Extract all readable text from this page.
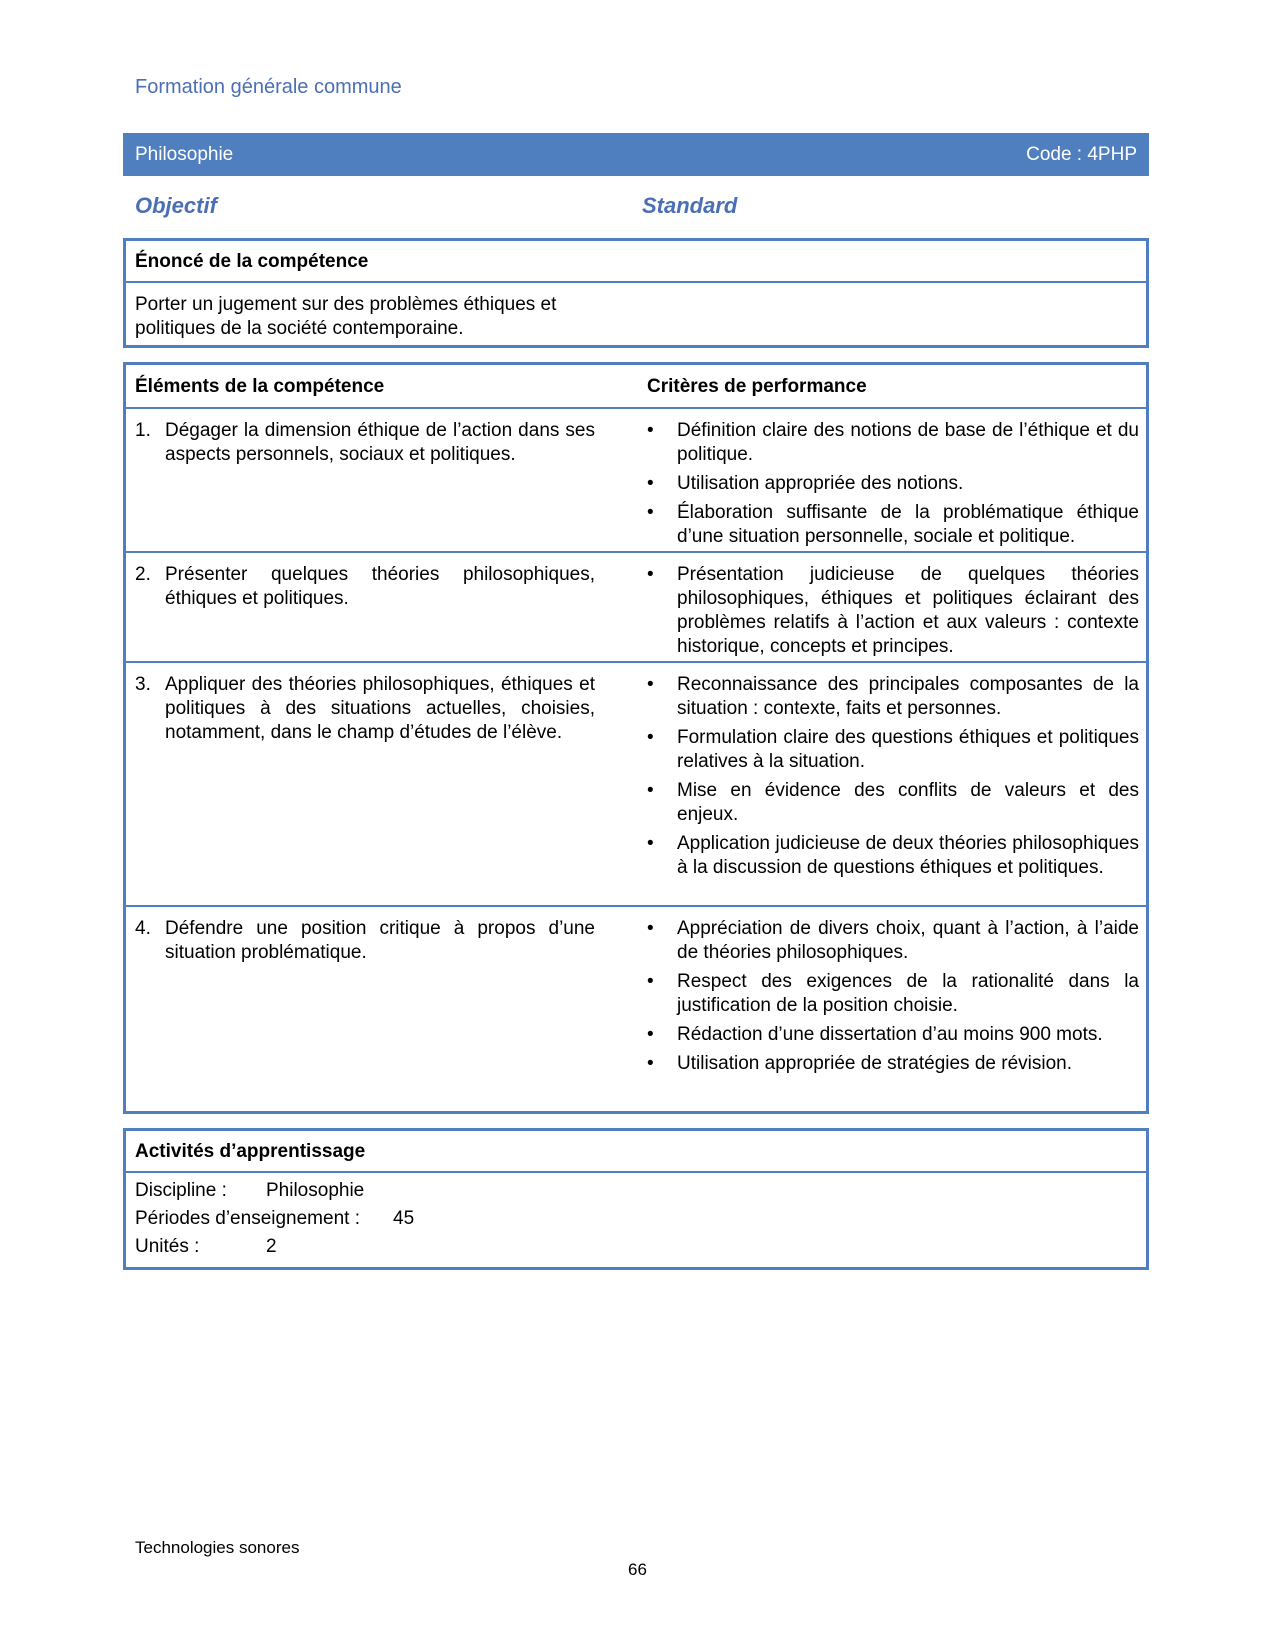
Formation générale commune
Philosophie	Code : 4PHP
Objectif	Standard
Énoncé de la compétence
Porter un jugement sur des problèmes éthiques et politiques de la société contemporaine.
Éléments de la compétence	Critères de performance
1. Dégager la dimension éthique de l’action dans ses aspects personnels, sociaux et politiques.
• Définition claire des notions de base de l’éthique et du politique.
• Utilisation appropriée des notions.
• Élaboration suffisante de la problématique éthique d’une situation personnelle, sociale et politique.
2. Présenter quelques théories philosophiques, éthiques et politiques.
• Présentation judicieuse de quelques théories philosophiques, éthiques et politiques éclairant des problèmes relatifs à l’action et aux valeurs : contexte historique, concepts et principes.
3. Appliquer des théories philosophiques, éthiques et politiques à des situations actuelles, choisies, notamment, dans le champ d’études de l’élève.
• Reconnaissance des principales composantes de la situation : contexte, faits et personnes.
• Formulation claire des questions éthiques et politiques relatives à la situation.
• Mise en évidence des conflits de valeurs et des enjeux.
• Application judicieuse de deux théories philosophiques à la discussion de questions éthiques et politiques.
4. Défendre une position critique à propos d’une situation problématique.
• Appréciation de divers choix, quant à l’action, à l’aide de théories philosophiques.
• Respect des exigences de la rationalité dans la justification de la position choisie.
• Rédaction d’une dissertation d’au moins 900 mots.
• Utilisation appropriée de stratégies de révision.
Activités d’apprentissage
Discipline : Philosophie
Périodes d’enseignement : 45
Unités :	2
Technologies sonores
66
